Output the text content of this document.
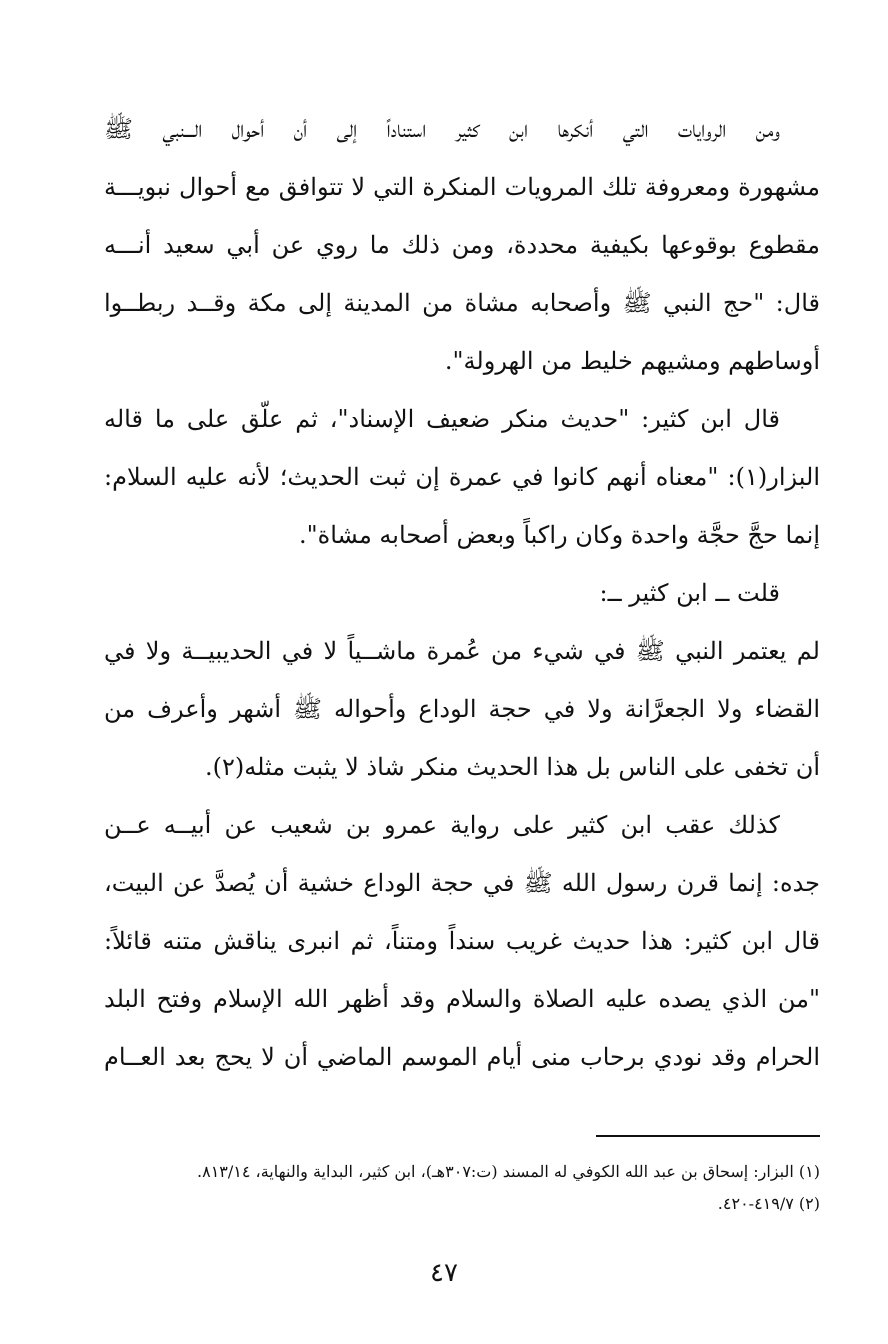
ومن الروايات التي أنكرها ابن كثير استناداً إلى أن أحوال الـــنبي ﷺ
مشهورة ومعروفة تلك المرويات المنكرة التي لا تتوافق مع أحوال نبويـــة
مقطوع بوقوعها بكيفية محددة، ومن ذلك ما روي عن أبي سعيد أنـــه
قال: "حج النبي ﷺ وأصحابه مشاة من المدينة إلى مكة وقــد ربطــوا
أوساطهم ومشيهم خليط من الهرولة".
قال ابن كثير: "حديث منكر ضعيف الإسناد"، ثم علّق على ما قاله
البزار(١): "معناه أنهم كانوا في عمرة إن ثبت الحديث؛ لأنه عليه السلام:
إنما حجَّ حجَّة واحدة وكان راكباً وبعض أصحابه مشاة".
قلت ــ ابن كثير ــ:
لم يعتمر النبي ﷺ في شيء من عُمرة ماشــياً لا في الحديبيــة ولا في
القضاء ولا الجعرَّانة ولا في حجة الوداع وأحواله ﷺ أشهر وأعرف من
أن تخفى على الناس بل هذا الحديث منكر شاذ لا يثبت مثله(٢).
كذلك عقب ابن كثير على رواية عمرو بن شعيب عن أبيــه عــن
جده: إنما قرن رسول الله ﷺ في حجة الوداع خشية أن يُصدَّ عن البيت،
قال ابن كثير: هذا حديث غريب سنداً ومتناً، ثم انبرى يناقش متنه قائلاً:
"من الذي يصده عليه الصلاة والسلام وقد أظهر الله الإسلام وفتح البلد
الحرام وقد نودي برحاب منى أيام الموسم الماضي أن لا يحج بعد العــام
(١) البزار: إسحاق بن عبد الله الكوفي له المسند (ت:٣٠٧هـ)، ابن كثير، البداية والنهاية، ٨١٣/١٤.
(٢) ٤١٩/٧-٤٢٠.
٤٧
